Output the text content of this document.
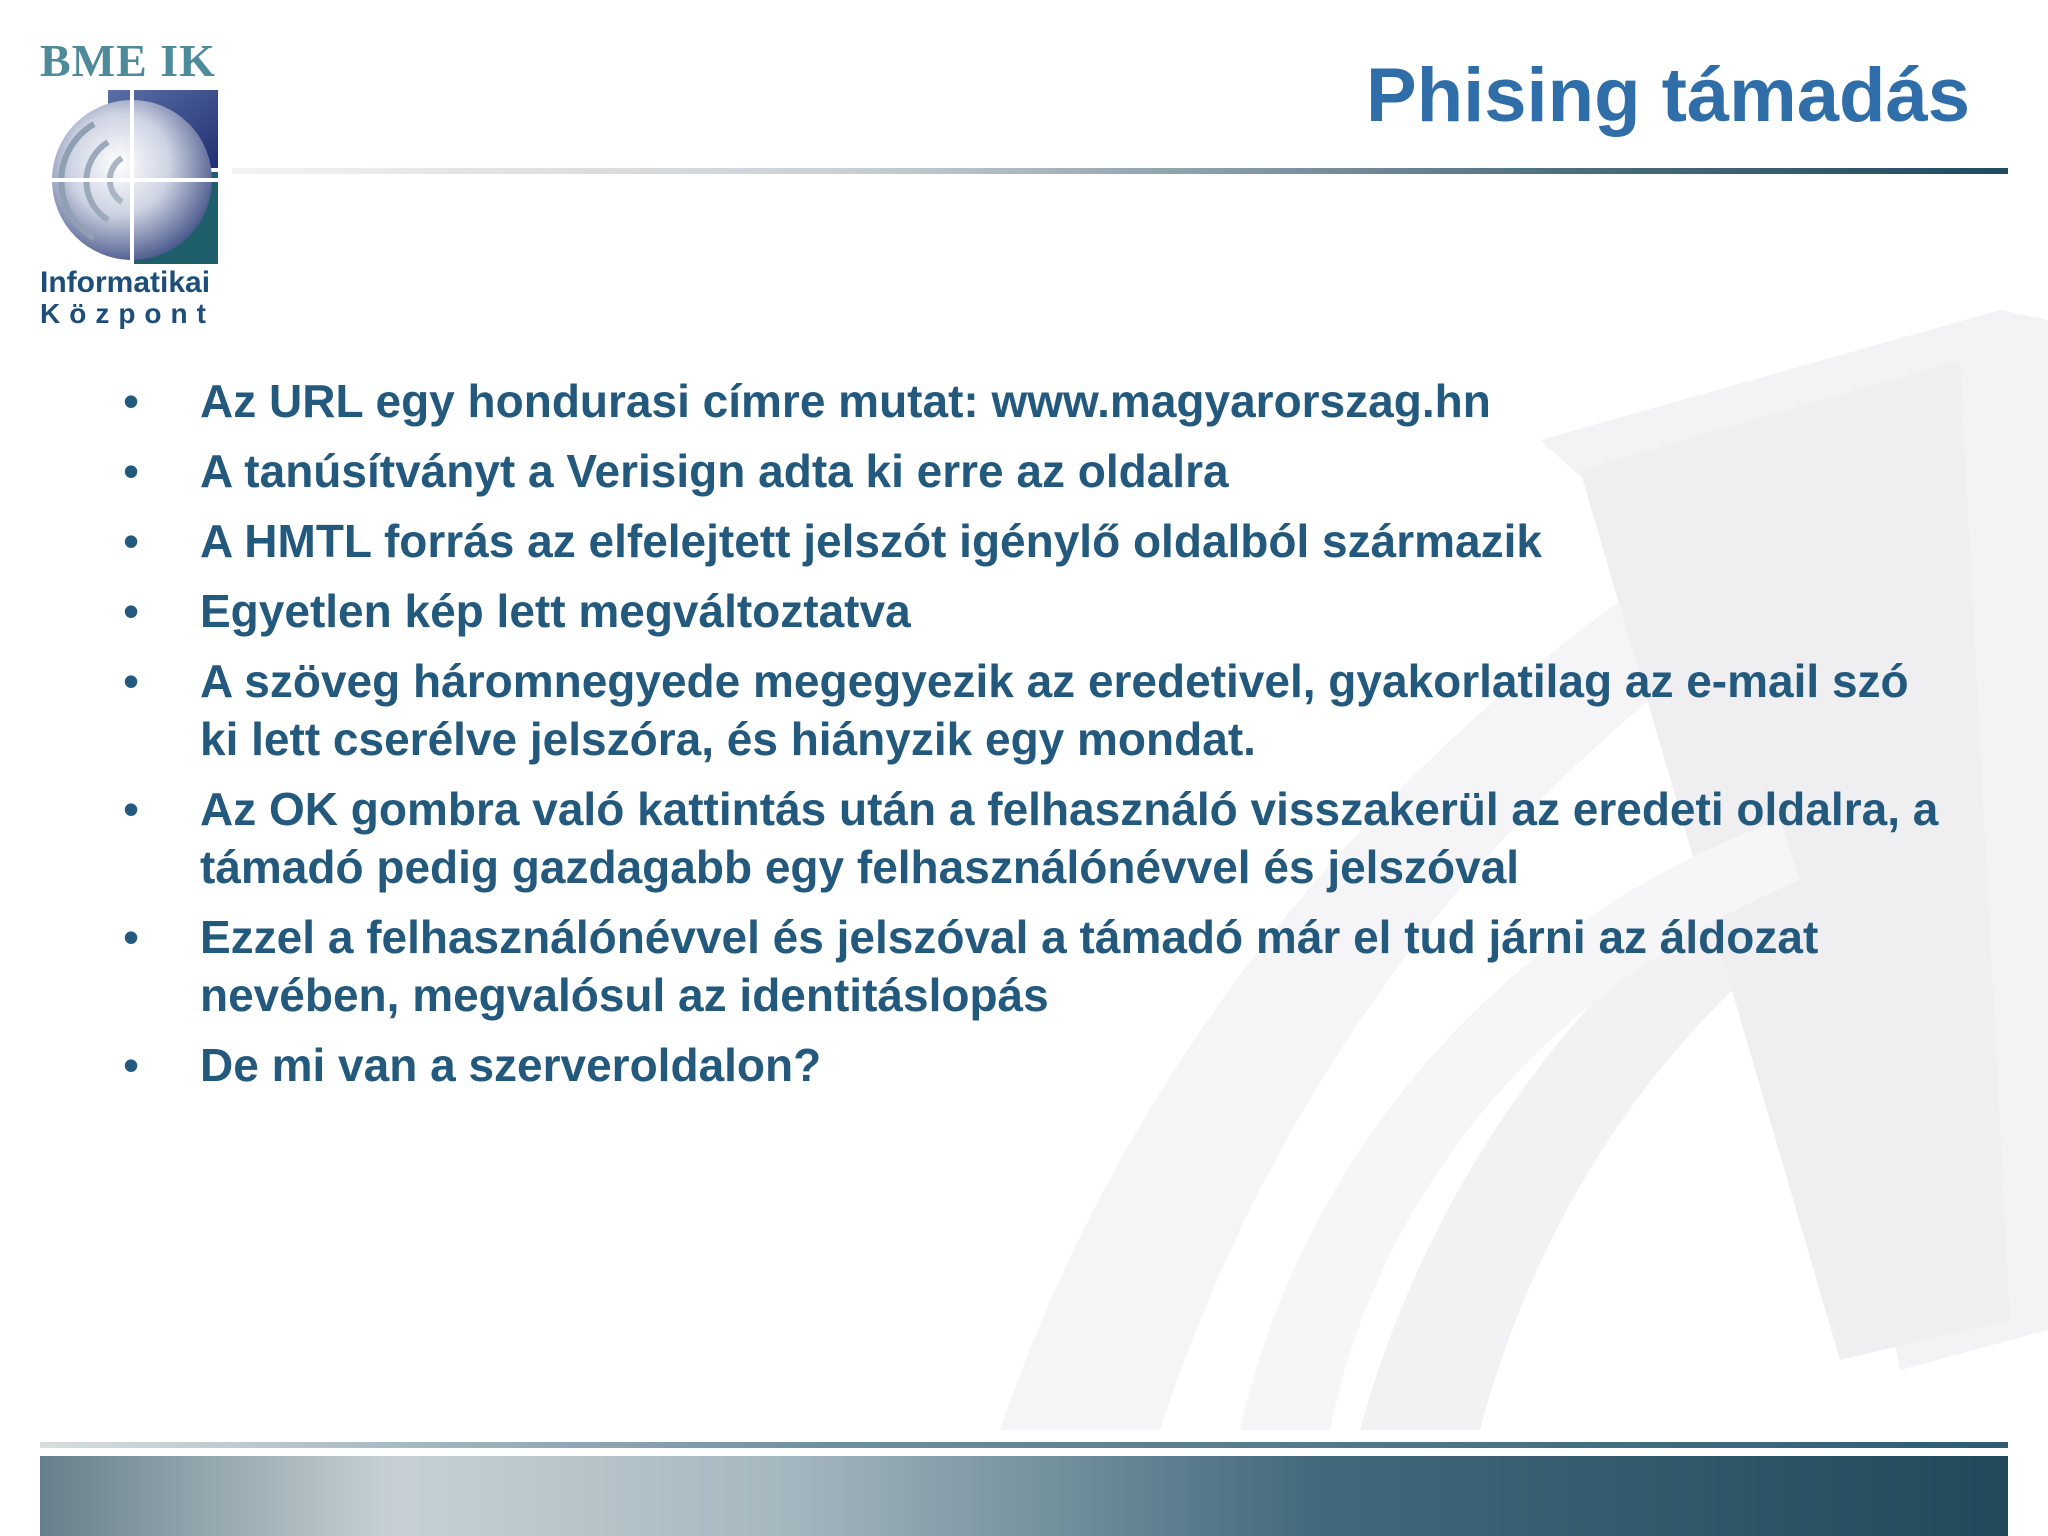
BME IK
Informatikai
Központ
Phising támadás
• Az URL egy hondurasi címre mutat: www.magyarorszag.hn
• A tanúsítványt a Verisign adta ki erre az oldalra
• A HMTL forrás az elfelejtett jelszót igénylő oldalból származik
• Egyetlen kép lett megváltoztatva
• A szöveg háromnegyede megegyezik az eredetivel, gyakorlatilag az e-mail szó ki lett cserélve jelszóra, és hiányzik egy mondat.
• Az OK gombra való kattintás után a felhasználó visszakerül az eredeti oldalra, a támadó pedig gazdagabb egy felhasználónévvel és jelszóval
• Ezzel a felhasználónévvel és jelszóval a támadó már el tud járni az áldozat nevében, megvalósul az identitáslopás
• De mi van a szerveroldalon?
